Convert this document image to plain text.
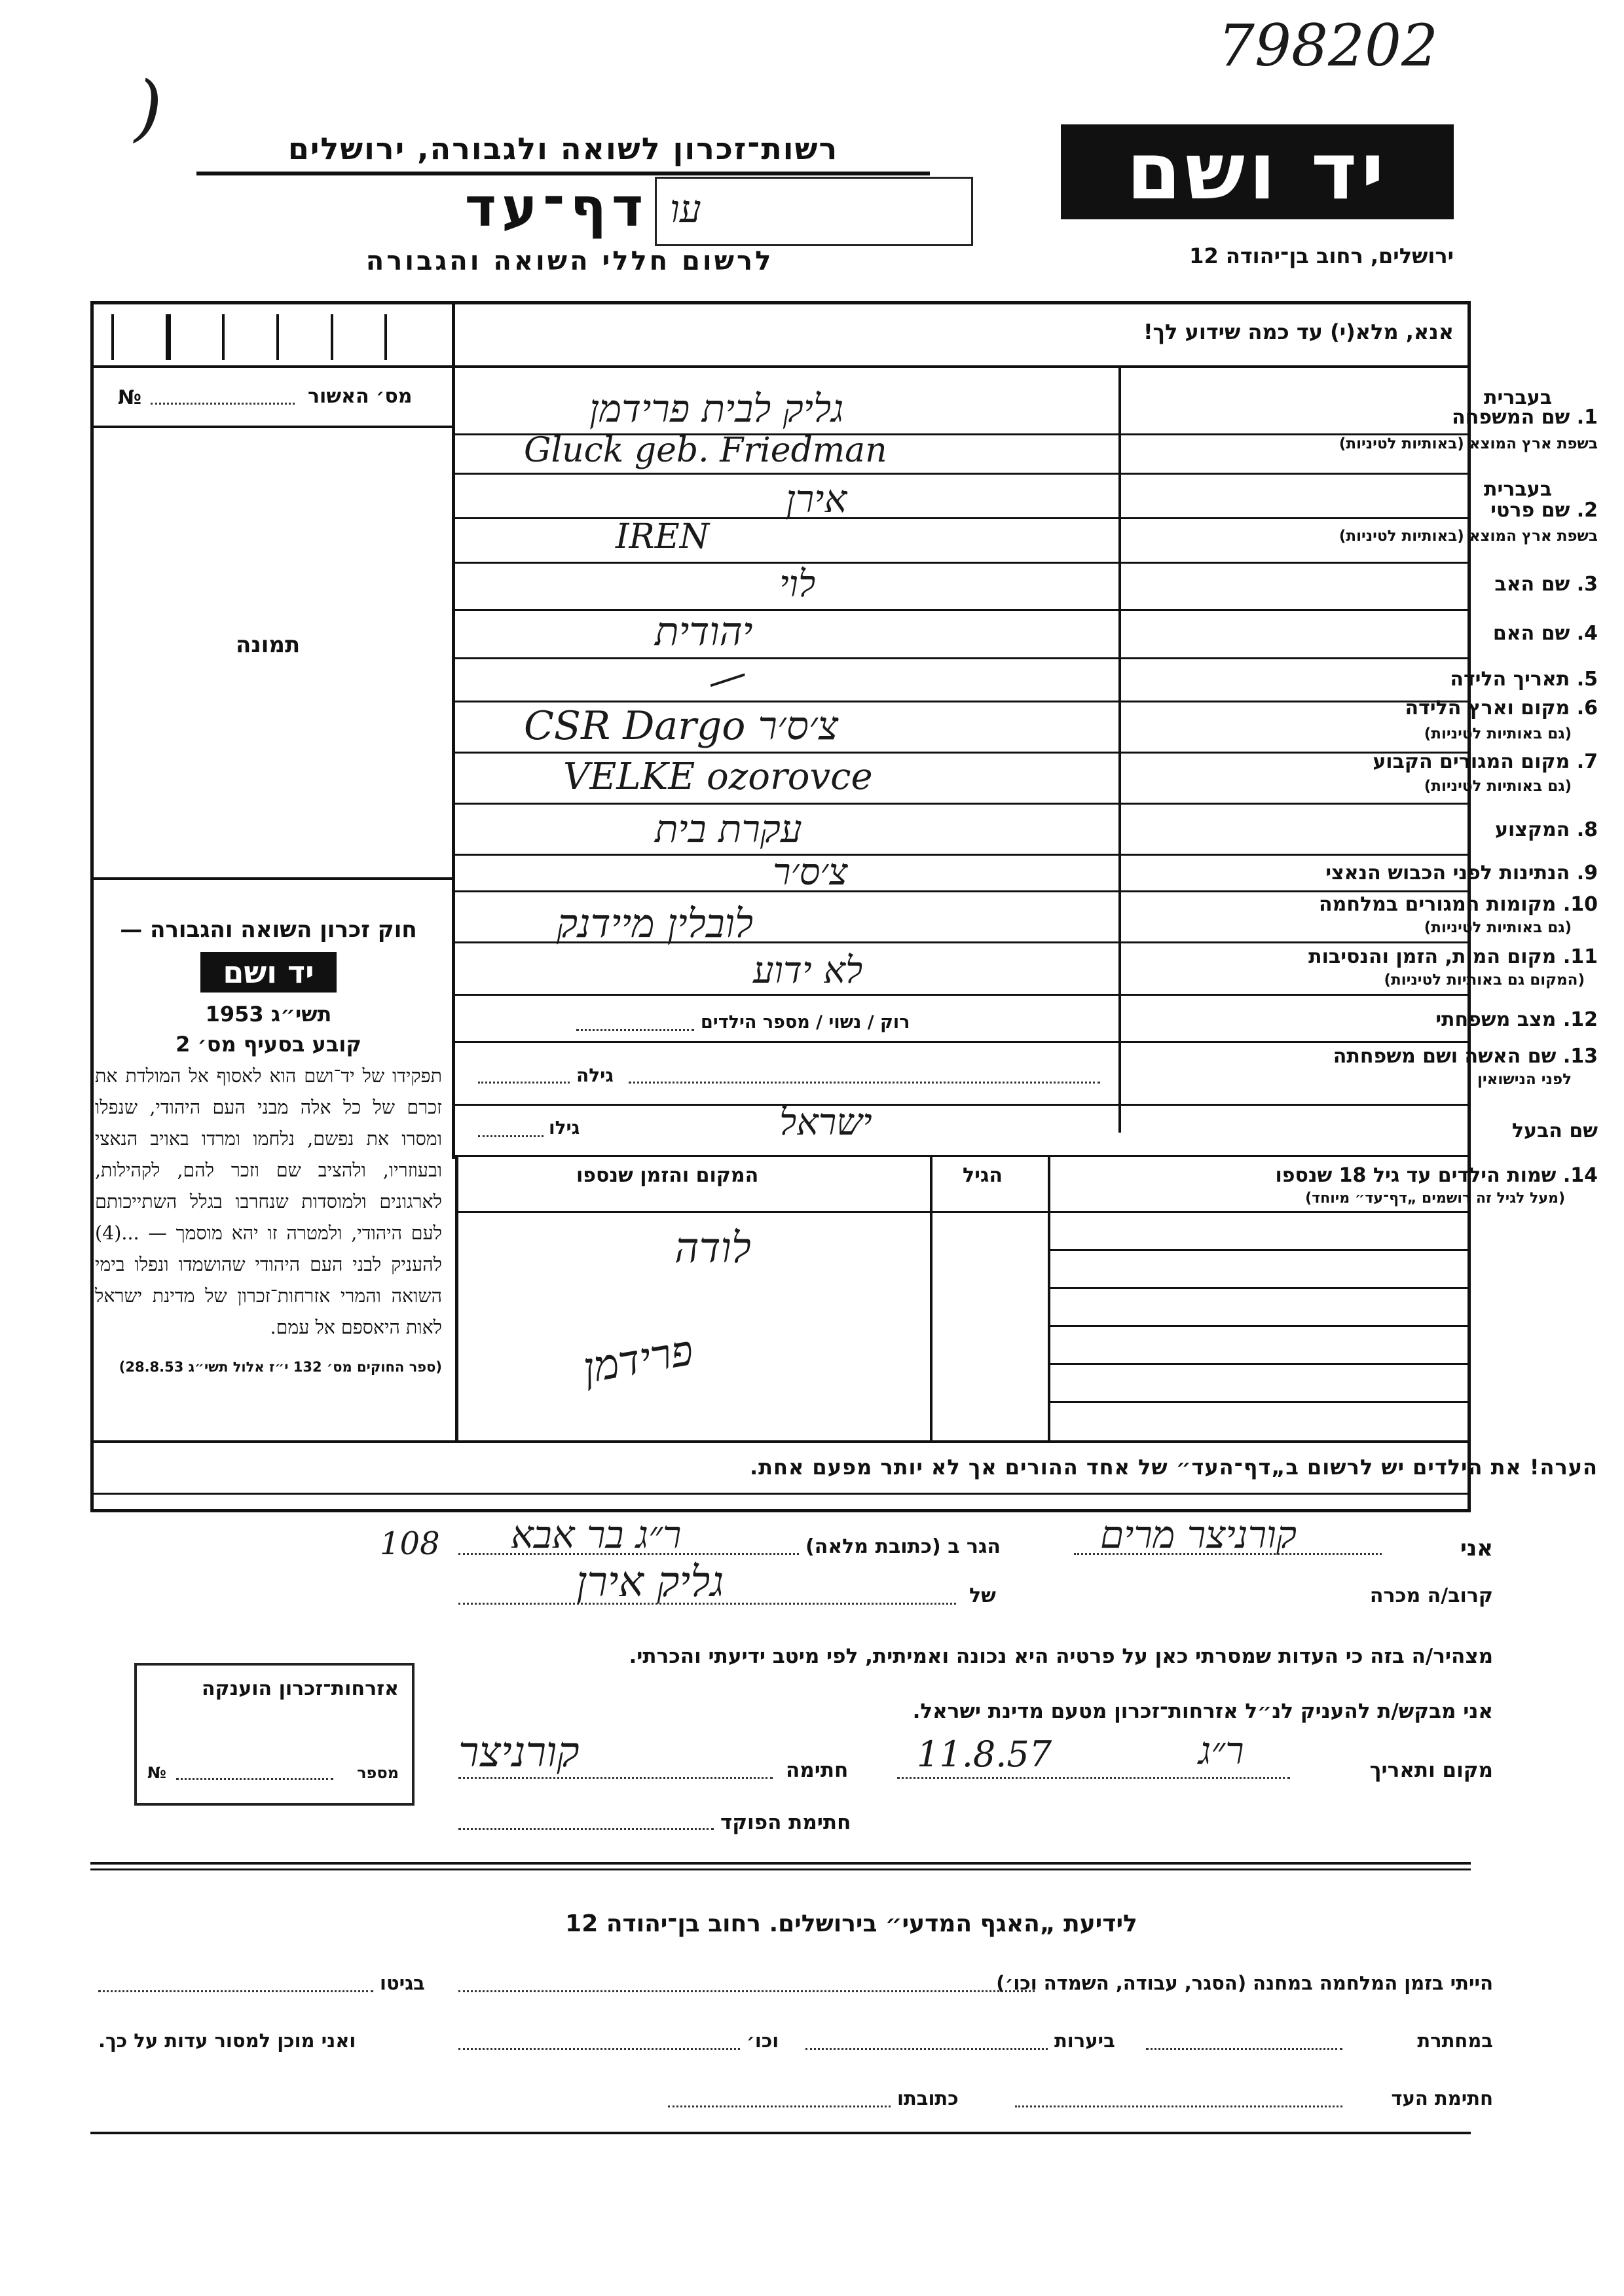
798202
(
יד ושם
רשות־זכרון לשואה ולגבורה, ירושלים
דף־עד עו
לרשום חללי השואה והגבורה	ירושלים, רחוב בן־יהודה 12
אנא, מלא(י) עד כמה שידוע לך!
№	מס׳ האשור
תמונה
חוק זכרון השואה והגבורה —
יד ושם
תשי״ג 1953
קובע בסעיף מס׳ 2
תפקידו של יד־ושם הוא לאסוף אל המולדת את זכרם של כל אלה מבני העם היהודי, שנפלו ומסרו את נפשם, נלחמו ומרדו באויב הנאצי ובעוזריו, ולהציב שם וזכר להם, לקהילות, לארגונים ולמוסדות שנחרבו בגלל השתייכותם לעם היהודי, ולמטרה זו יהא מוסמך — ...(4) להעניק לבני העם היהודי שהושמדו ונפלו בימי השואה והמרי אזרחות־זכרון של מדינת ישראל לאות היאספם אל עמם.
(ספר החוקים מס׳ 132 י״ז אלול תשי״ג 28.8.53)
בעברית
1. שם המשפחה
בשפת ארץ המוצא (באותיות לטיניות)
גליק לבית פרידמן
Gluck geb. Friedman
בעברית
2. שם פרטי
בשפת ארץ המוצא (באותיות לטיניות)
אירן
IREN
3. שם האב
לוי
4. שם האם
יהודית
5. תאריך הלידה
—
6. מקום וארץ הלידה
(גם באותיות לטיניות)
CSR Dargo צ׳ס׳ר
7. מקום המגורים הקבוע
(גם באותיות לטיניות)
VELKE ozorovce
8. המקצוע
עקרת בית
9. הנתינות לפני הכבוש הנאצי
צ׳ס׳ר
10. מקומות המגורים במלחמה
(גם באותיות לטיניות)
לובלין מיידנק
11. מקום המות, הזמן והנסיבות
(המקום גם באותיות לטיניות)
לא ידוע
12. מצב משפחתי
רוק / נשוי / מספר הילדים
13. שם האשה ושם משפחתה
לפני הנישואין
גילה
שם הבעל
ישראל
גילו
14. שמות הילדים עד גיל 18 שנספו
(מעל לגיל זה רושמים „דף־עד״ מיוחד)
הגיל
המקום והזמן שנספו
לודה
פרידמן
הערה! את הילדים יש לרשום ב„דף־העד״ של אחד ההורים אך לא יותר מפעם אחת.
אני
קורניצר מרים
הגר ב (כתובת מלאה)
ר״ג בר אבא
108
קרוב/ה מכרה
של
גליק אירן
מצהיר/ה בזה כי העדות שמסרתי כאן על פרטיה היא נכונה ואמיתית, לפי מיטב ידיעתי והכרתי.
אני מבקש/ת להעניק לנ״ל אזרחות־זכרון מטעם מדינת ישראל.
מקום ותאריך
ר״ג
11.8.57
חתימה
קורניצר
חתימת הפוקד
אזרחות־זכרון הוענקה
מספר
№
לידיעת „האגף המדעי״ בירושלים. רחוב בן־יהודה 12
הייתי בזמן המלחמה במחנה (הסגר, עבודה, השמדה וכו׳)
בגיטו
במחתרת
ביערות
וכו׳
ואני מוכן למסור עדות על כך.
חתימת העד
כתובתו
